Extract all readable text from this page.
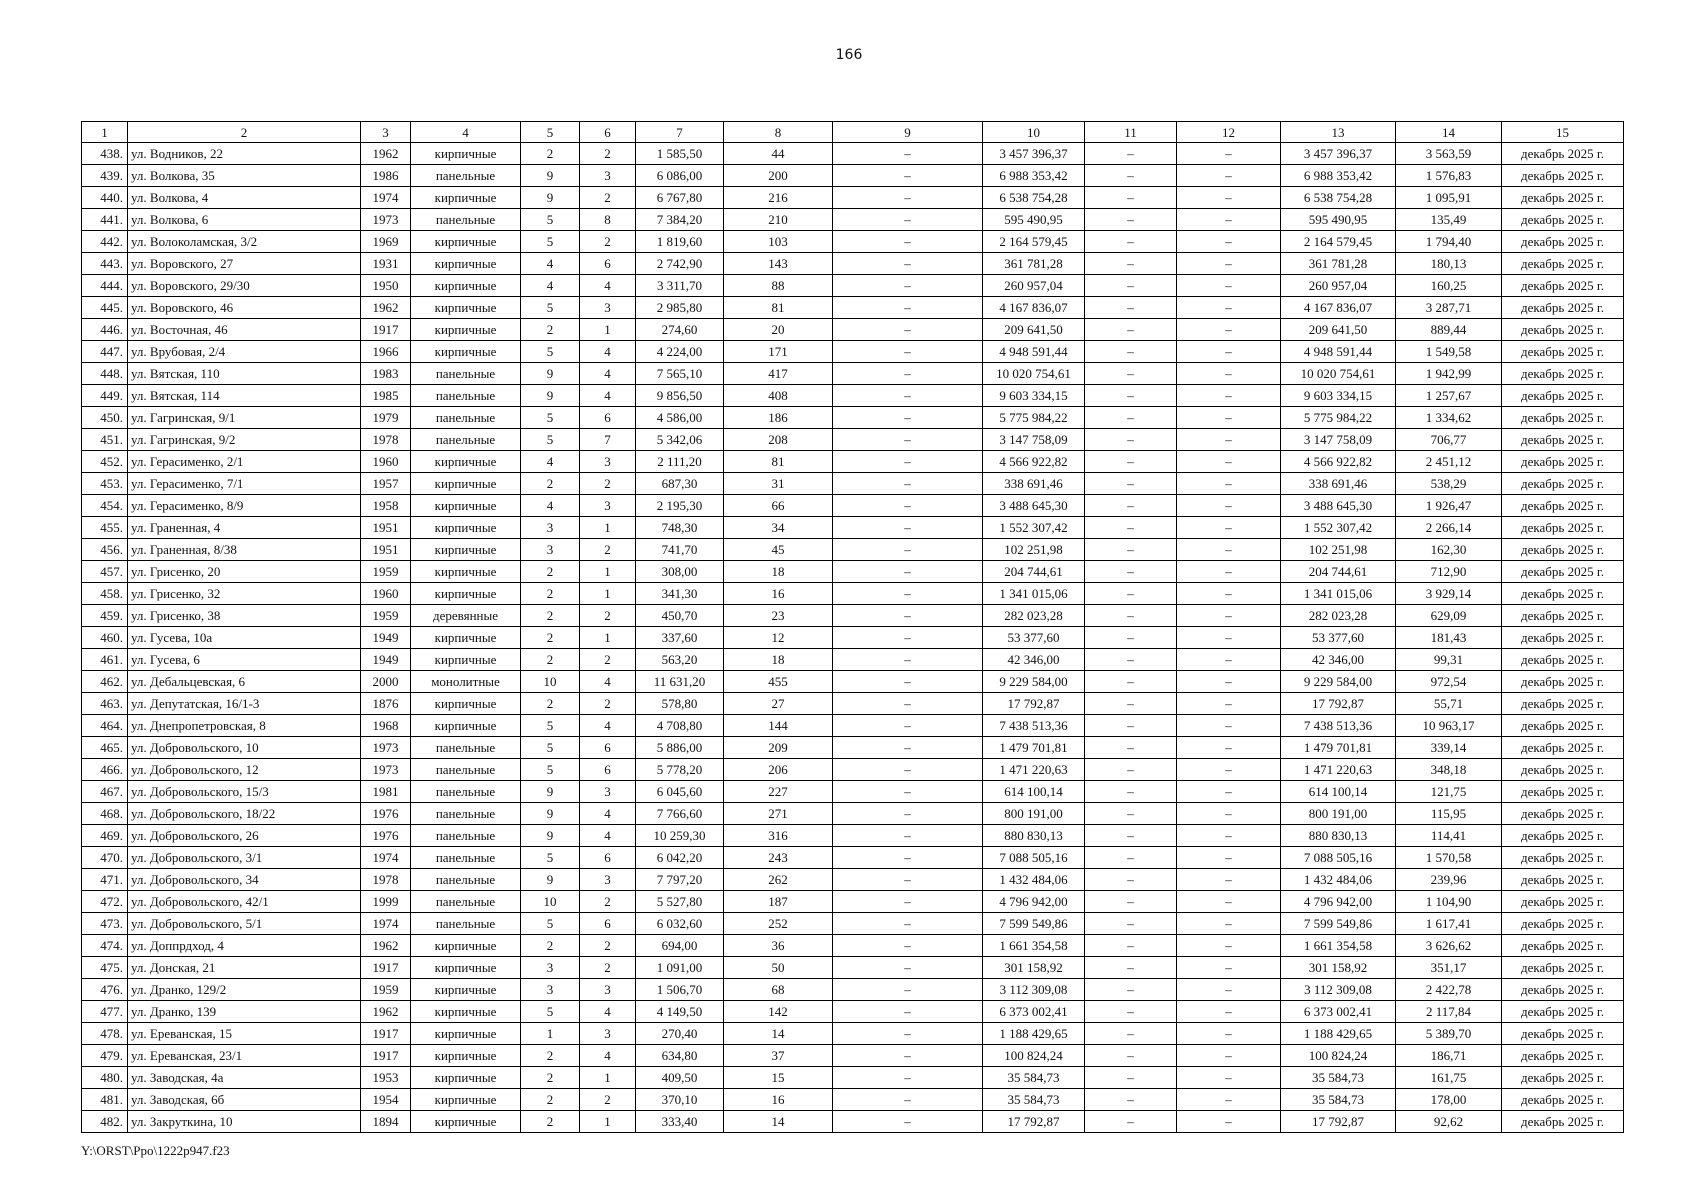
166
1	2	3	4	5	6	7	8	9	10	11	12	13	14	15
438.	ул. Водников, 22	1962	кирпичные	2	2	1 585,50	44	–	3 457 396,37	–	–	3 457 396,37	3 563,59	декабрь 2025 г.
439.	ул. Волкова, 35	1986	панельные	9	3	6 086,00	200	–	6 988 353,42	–	–	6 988 353,42	1 576,83	декабрь 2025 г.
440.	ул. Волкова, 4	1974	кирпичные	9	2	6 767,80	216	–	6 538 754,28	–	–	6 538 754,28	1 095,91	декабрь 2025 г.
441.	ул. Волкова, 6	1973	панельные	5	8	7 384,20	210	–	595 490,95	–	–	595 490,95	135,49	декабрь 2025 г.
442.	ул. Волоколамская, 3/2	1969	кирпичные	5	2	1 819,60	103	–	2 164 579,45	–	–	2 164 579,45	1 794,40	декабрь 2025 г.
443.	ул. Воровского, 27	1931	кирпичные	4	6	2 742,90	143	–	361 781,28	–	–	361 781,28	180,13	декабрь 2025 г.
444.	ул. Воровского, 29/30	1950	кирпичные	4	4	3 311,70	88	–	260 957,04	–	–	260 957,04	160,25	декабрь 2025 г.
445.	ул. Воровского, 46	1962	кирпичные	5	3	2 985,80	81	–	4 167 836,07	–	–	4 167 836,07	3 287,71	декабрь 2025 г.
446.	ул. Восточная, 46	1917	кирпичные	2	1	274,60	20	–	209 641,50	–	–	209 641,50	889,44	декабрь 2025 г.
447.	ул. Врубовая, 2/4	1966	кирпичные	5	4	4 224,00	171	–	4 948 591,44	–	–	4 948 591,44	1 549,58	декабрь 2025 г.
448.	ул. Вятская, 110	1983	панельные	9	4	7 565,10	417	–	10 020 754,61	–	–	10 020 754,61	1 942,99	декабрь 2025 г.
449.	ул. Вятская, 114	1985	панельные	9	4	9 856,50	408	–	9 603 334,15	–	–	9 603 334,15	1 257,67	декабрь 2025 г.
450.	ул. Гагринская, 9/1	1979	панельные	5	6	4 586,00	186	–	5 775 984,22	–	–	5 775 984,22	1 334,62	декабрь 2025 г.
451.	ул. Гагринская, 9/2	1978	панельные	5	7	5 342,06	208	–	3 147 758,09	–	–	3 147 758,09	706,77	декабрь 2025 г.
452.	ул. Герасименко, 2/1	1960	кирпичные	4	3	2 111,20	81	–	4 566 922,82	–	–	4 566 922,82	2 451,12	декабрь 2025 г.
453.	ул. Герасименко, 7/1	1957	кирпичные	2	2	687,30	31	–	338 691,46	–	–	338 691,46	538,29	декабрь 2025 г.
454.	ул. Герасименко, 8/9	1958	кирпичные	4	3	2 195,30	66	–	3 488 645,30	–	–	3 488 645,30	1 926,47	декабрь 2025 г.
455.	ул. Граненная, 4	1951	кирпичные	3	1	748,30	34	–	1 552 307,42	–	–	1 552 307,42	2 266,14	декабрь 2025 г.
456.	ул. Граненная, 8/38	1951	кирпичные	3	2	741,70	45	–	102 251,98	–	–	102 251,98	162,30	декабрь 2025 г.
457.	ул. Грисенко, 20	1959	кирпичные	2	1	308,00	18	–	204 744,61	–	–	204 744,61	712,90	декабрь 2025 г.
458.	ул. Грисенко, 32	1960	кирпичные	2	1	341,30	16	–	1 341 015,06	–	–	1 341 015,06	3 929,14	декабрь 2025 г.
459.	ул. Грисенко, 38	1959	деревянные	2	2	450,70	23	–	282 023,28	–	–	282 023,28	629,09	декабрь 2025 г.
460.	ул. Гусева, 10а	1949	кирпичные	2	1	337,60	12	–	53 377,60	–	–	53 377,60	181,43	декабрь 2025 г.
461.	ул. Гусева, 6	1949	кирпичные	2	2	563,20	18	–	42 346,00	–	–	42 346,00	99,31	декабрь 2025 г.
462.	ул. Дебальцевская, 6	2000	монолитные	10	4	11 631,20	455	–	9 229 584,00	–	–	9 229 584,00	972,54	декабрь 2025 г.
463.	ул. Депутатская, 16/1-3	1876	кирпичные	2	2	578,80	27	–	17 792,87	–	–	17 792,87	55,71	декабрь 2025 г.
464.	ул. Днепропетровская, 8	1968	кирпичные	5	4	4 708,80	144	–	7 438 513,36	–	–	7 438 513,36	10 963,17	декабрь 2025 г.
465.	ул. Добровольского, 10	1973	панельные	5	6	5 886,00	209	–	1 479 701,81	–	–	1 479 701,81	339,14	декабрь 2025 г.
466.	ул. Добровольского, 12	1973	панельные	5	6	5 778,20	206	–	1 471 220,63	–	–	1 471 220,63	348,18	декабрь 2025 г.
467.	ул. Добровольского, 15/3	1981	панельные	9	3	6 045,60	227	–	614 100,14	–	–	614 100,14	121,75	декабрь 2025 г.
468.	ул. Добровольского, 18/22	1976	панельные	9	4	7 766,60	271	–	800 191,00	–	–	800 191,00	115,95	декабрь 2025 г.
469.	ул. Добровольского, 26	1976	панельные	9	4	10 259,30	316	–	880 830,13	–	–	880 830,13	114,41	декабрь 2025 г.
470.	ул. Добровольского, 3/1	1974	панельные	5	6	6 042,20	243	–	7 088 505,16	–	–	7 088 505,16	1 570,58	декабрь 2025 г.
471.	ул. Добровольского, 34	1978	панельные	9	3	7 797,20	262	–	1 432 484,06	–	–	1 432 484,06	239,96	декабрь 2025 г.
472.	ул. Добровольского, 42/1	1999	панельные	10	2	5 527,80	187	–	4 796 942,00	–	–	4 796 942,00	1 104,90	декабрь 2025 г.
473.	ул. Добровольского, 5/1	1974	панельные	5	6	6 032,60	252	–	7 599 549,86	–	–	7 599 549,86	1 617,41	декабрь 2025 г.
474.	ул. Доппрдход, 4	1962	кирпичные	2	2	694,00	36	–	1 661 354,58	–	–	1 661 354,58	3 626,62	декабрь 2025 г.
475.	ул. Донская, 21	1917	кирпичные	3	2	1 091,00	50	–	301 158,92	–	–	301 158,92	351,17	декабрь 2025 г.
476.	ул. Дранко, 129/2	1959	кирпичные	3	3	1 506,70	68	–	3 112 309,08	–	–	3 112 309,08	2 422,78	декабрь 2025 г.
477.	ул. Дранко, 139	1962	кирпичные	5	4	4 149,50	142	–	6 373 002,41	–	–	6 373 002,41	2 117,84	декабрь 2025 г.
478.	ул. Ереванская, 15	1917	кирпичные	1	3	270,40	14	–	1 188 429,65	–	–	1 188 429,65	5 389,70	декабрь 2025 г.
479.	ул. Ереванская, 23/1	1917	кирпичные	2	4	634,80	37	–	100 824,24	–	–	100 824,24	186,71	декабрь 2025 г.
480.	ул. Заводская, 4а	1953	кирпичные	2	1	409,50	15	–	35 584,73	–	–	35 584,73	161,75	декабрь 2025 г.
481.	ул. Заводская, 6б	1954	кирпичные	2	2	370,10	16	–	35 584,73	–	–	35 584,73	178,00	декабрь 2025 г.
482.	ул. Закруткина, 10	1894	кирпичные	2	1	333,40	14	–	17 792,87	–	–	17 792,87	92,62	декабрь 2025 г.
Y:\ORST\Ppo\1222p947.f23
